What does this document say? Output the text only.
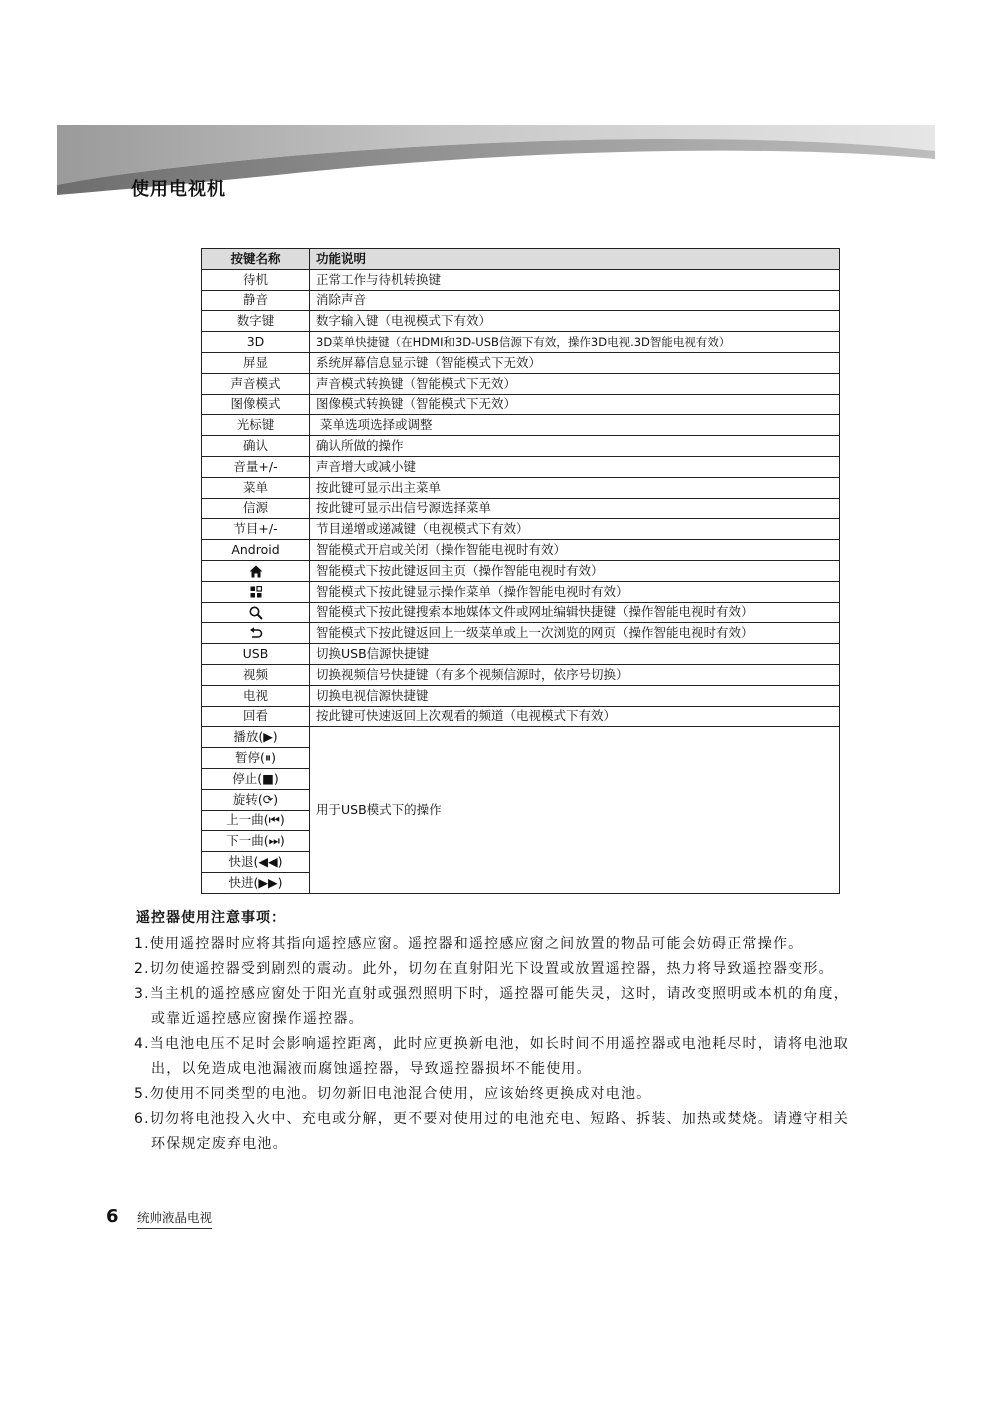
使用电视机
按键名称	功能说明
待机	正常工作与待机转换键
静音	消除声音
数字键	数字输入键（电视模式下有效）
3D	3D菜单快捷键（在HDMI和3D-USB信源下有效，操作3D电视.3D智能电视有效）
屏显	系统屏幕信息显示键（智能模式下无效）
声音模式	声音模式转换键（智能模式下无效）
图像模式	图像模式转换键（智能模式下无效）
光标键	菜单选项选择或调整
确认	确认所做的操作
音量+/-	声音增大或减小键
菜单	按此键可显示出主菜单
信源	按此键可显示出信号源选择菜单
节目+/-	节目递增或递减键（电视模式下有效）
Android	智能模式开启或关闭（操作智能电视时有效）
	智能模式下按此键返回主页（操作智能电视时有效）
	智能模式下按此键显示操作菜单（操作智能电视时有效）
	智能模式下按此键搜索本地媒体文件或网址编辑快捷键（操作智能电视时有效）
	智能模式下按此键返回上一级菜单或上一次浏览的网页（操作智能电视时有效）
USB	切换USB信源快捷键
视频	切换视频信号快捷键（有多个视频信源时，依序号切换）
电视	切换电视信源快捷键
回看	按此键可快速返回上次观看的频道（电视模式下有效）
播放(▶)	用于USB模式下的操作
暂停(⏸)	
停止(■)	
旋转(⟳)	
上一曲(⏮)	
下一曲(⏭)	
快退(◀◀)	
快进(▶▶)	
遥控器使用注意事项：
1.使用遥控器时应将其指向遥控感应窗。遥控器和遥控感应窗之间放置的物品可能会妨碍正常操作。
2.切勿使遥控器受到剧烈的震动。此外，切勿在直射阳光下设置或放置遥控器，热力将导致遥控器变形。
3.当主机的遥控感应窗处于阳光直射或强烈照明下时，遥控器可能失灵，这时，请改变照明或本机的角度，或靠近遥控感应窗操作遥控器。
4.当电池电压不足时会影响遥控距离，此时应更换新电池，如长时间不用遥控器或电池耗尽时，请将电池取出，以免造成电池漏液而腐蚀遥控器，导致遥控器损坏不能使用。
5.勿使用不同类型的电池。切勿新旧电池混合使用，应该始终更换成对电池。
6.切勿将电池投入火中、充电或分解，更不要对使用过的电池充电、短路、拆装、加热或焚烧。请遵守相关环保规定废弃电池。
6 统帅液晶电视
